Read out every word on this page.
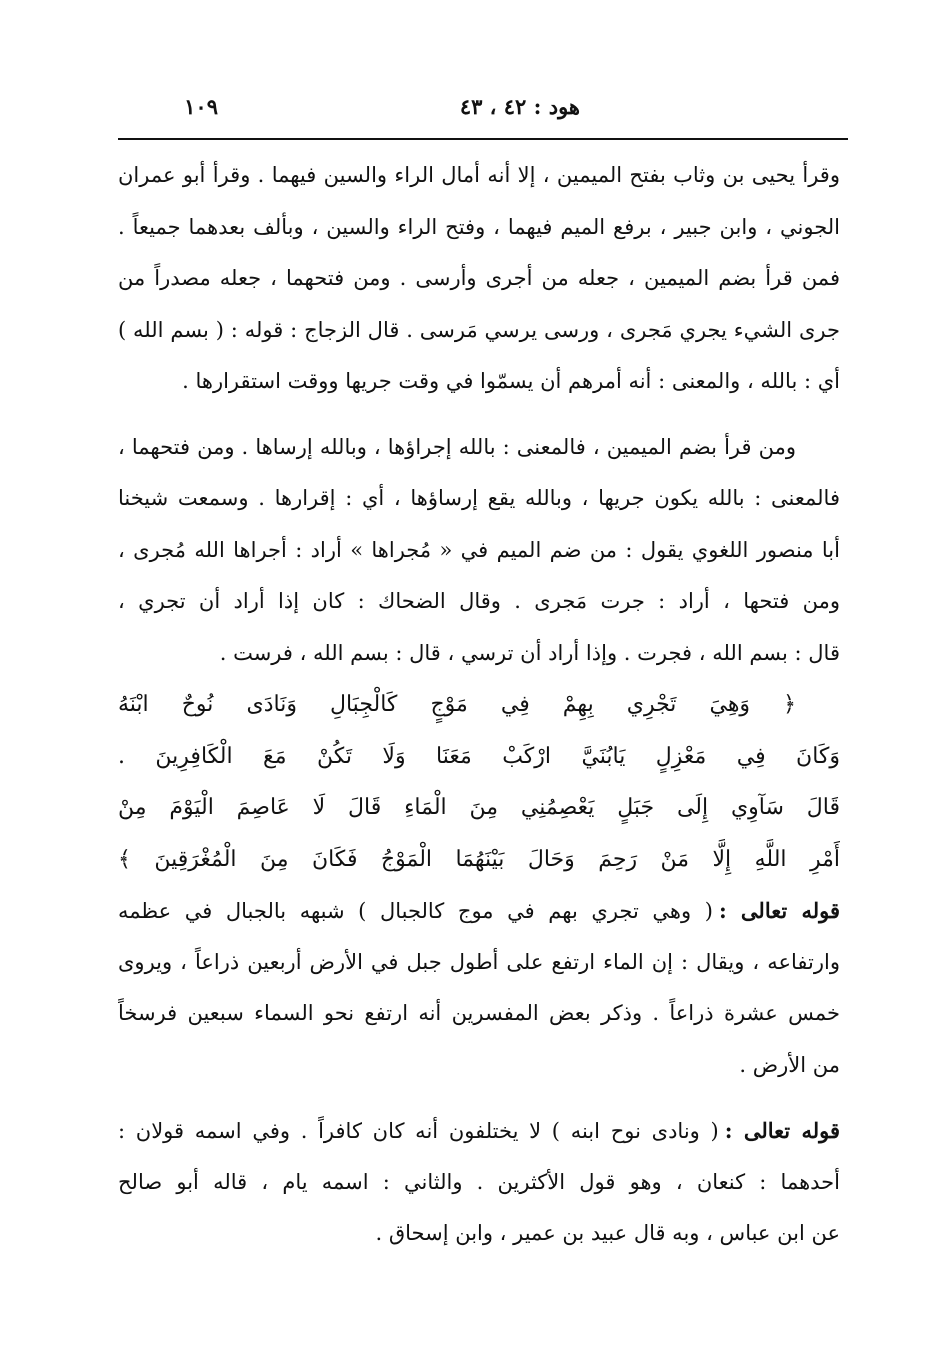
هود : ٤٢ ، ٤٣
١٠٩
وقرأ يحيى بن وثاب بفتح الميمين ، إلا أنه أمال الراء والسين فيهما . وقرأ أبو عمران
الجوني ، وابن جبير ، برفع الميم فيهما ، وفتح الراء والسين ، وبألف بعدهما جميعاً .
فمن قرأ بضم الميمين ، جعله من أجرى وأرسى . ومن فتحهما ، جعله مصدراً من
جرى الشيء يجري مَجرى ، ورسى يرسي مَرسى . قال الزجاج : قوله : ( بسم الله )
أي : بالله ، والمعنى : أنه أمرهم أن يسمّوا في وقت جريها ووقت استقرارها .
ومن قرأ بضم الميمين ، فالمعنى : بالله إجراؤها ، وبالله إرساها . ومن فتحهما ،
فالمعنى : بالله يكون جريها ، وبالله يقع إرساؤها ، أي : إقرارها . وسمعت شيخنا
أبا منصور اللغوي يقول : من ضم الميم في « مُجراها » أراد : أجراها الله مُجرى ،
ومن فتحها ، أراد : جرت مَجرى . وقال الضحاك : كان إذا أراد أن تجري ،
قال : بسم الله ، فجرت . وإذا أراد أن ترسي ، قال : بسم الله ، فرست .
﴿ وَهِيَ تَجْرِي بِهِمْ فِي مَوْجٍ كَالْجِبَالِ وَنَادَى نُوحٌ ابْنَهُ
وَكَانَ فِي مَعْزِلٍ يَابُنَيَّ ارْكَبْ مَعَنَا وَلَا تَكُنْ مَعَ الْكَافِرِينَ .
قَالَ سَآوِي إِلَى جَبَلٍ يَعْصِمُنِي مِنَ الْمَاءِ قَالَ لَا عَاصِمَ الْيَوْمَ مِنْ
أَمْرِ اللَّهِ إِلَّا مَنْ رَحِمَ وَحَالَ بَيْنَهُمَا الْمَوْجُ فَكَانَ مِنَ الْمُغْرَقِينَ ﴾
قوله تعالى :( وهي تجري بهم في موج كالجبال ) شبهه بالجبال في عظمه
وارتفاعه ، ويقال : إن الماء ارتفع على أطول جبل في الأرض أربعين ذراعاً ، ويروى
خمس عشرة ذراعاً . وذكر بعض المفسرين أنه ارتفع نحو السماء سبعين فرسخاً
من الأرض .
قوله تعالى :( ونادى نوح ابنه ) لا يختلفون أنه كان كافراً . وفي اسمه قولان :
أحدهما : كنعان ، وهو قول الأكثرين . والثاني : اسمه يام ، قاله أبو صالح
عن ابن عباس ، وبه قال عبيد بن عمير ، وابن إسحاق .
